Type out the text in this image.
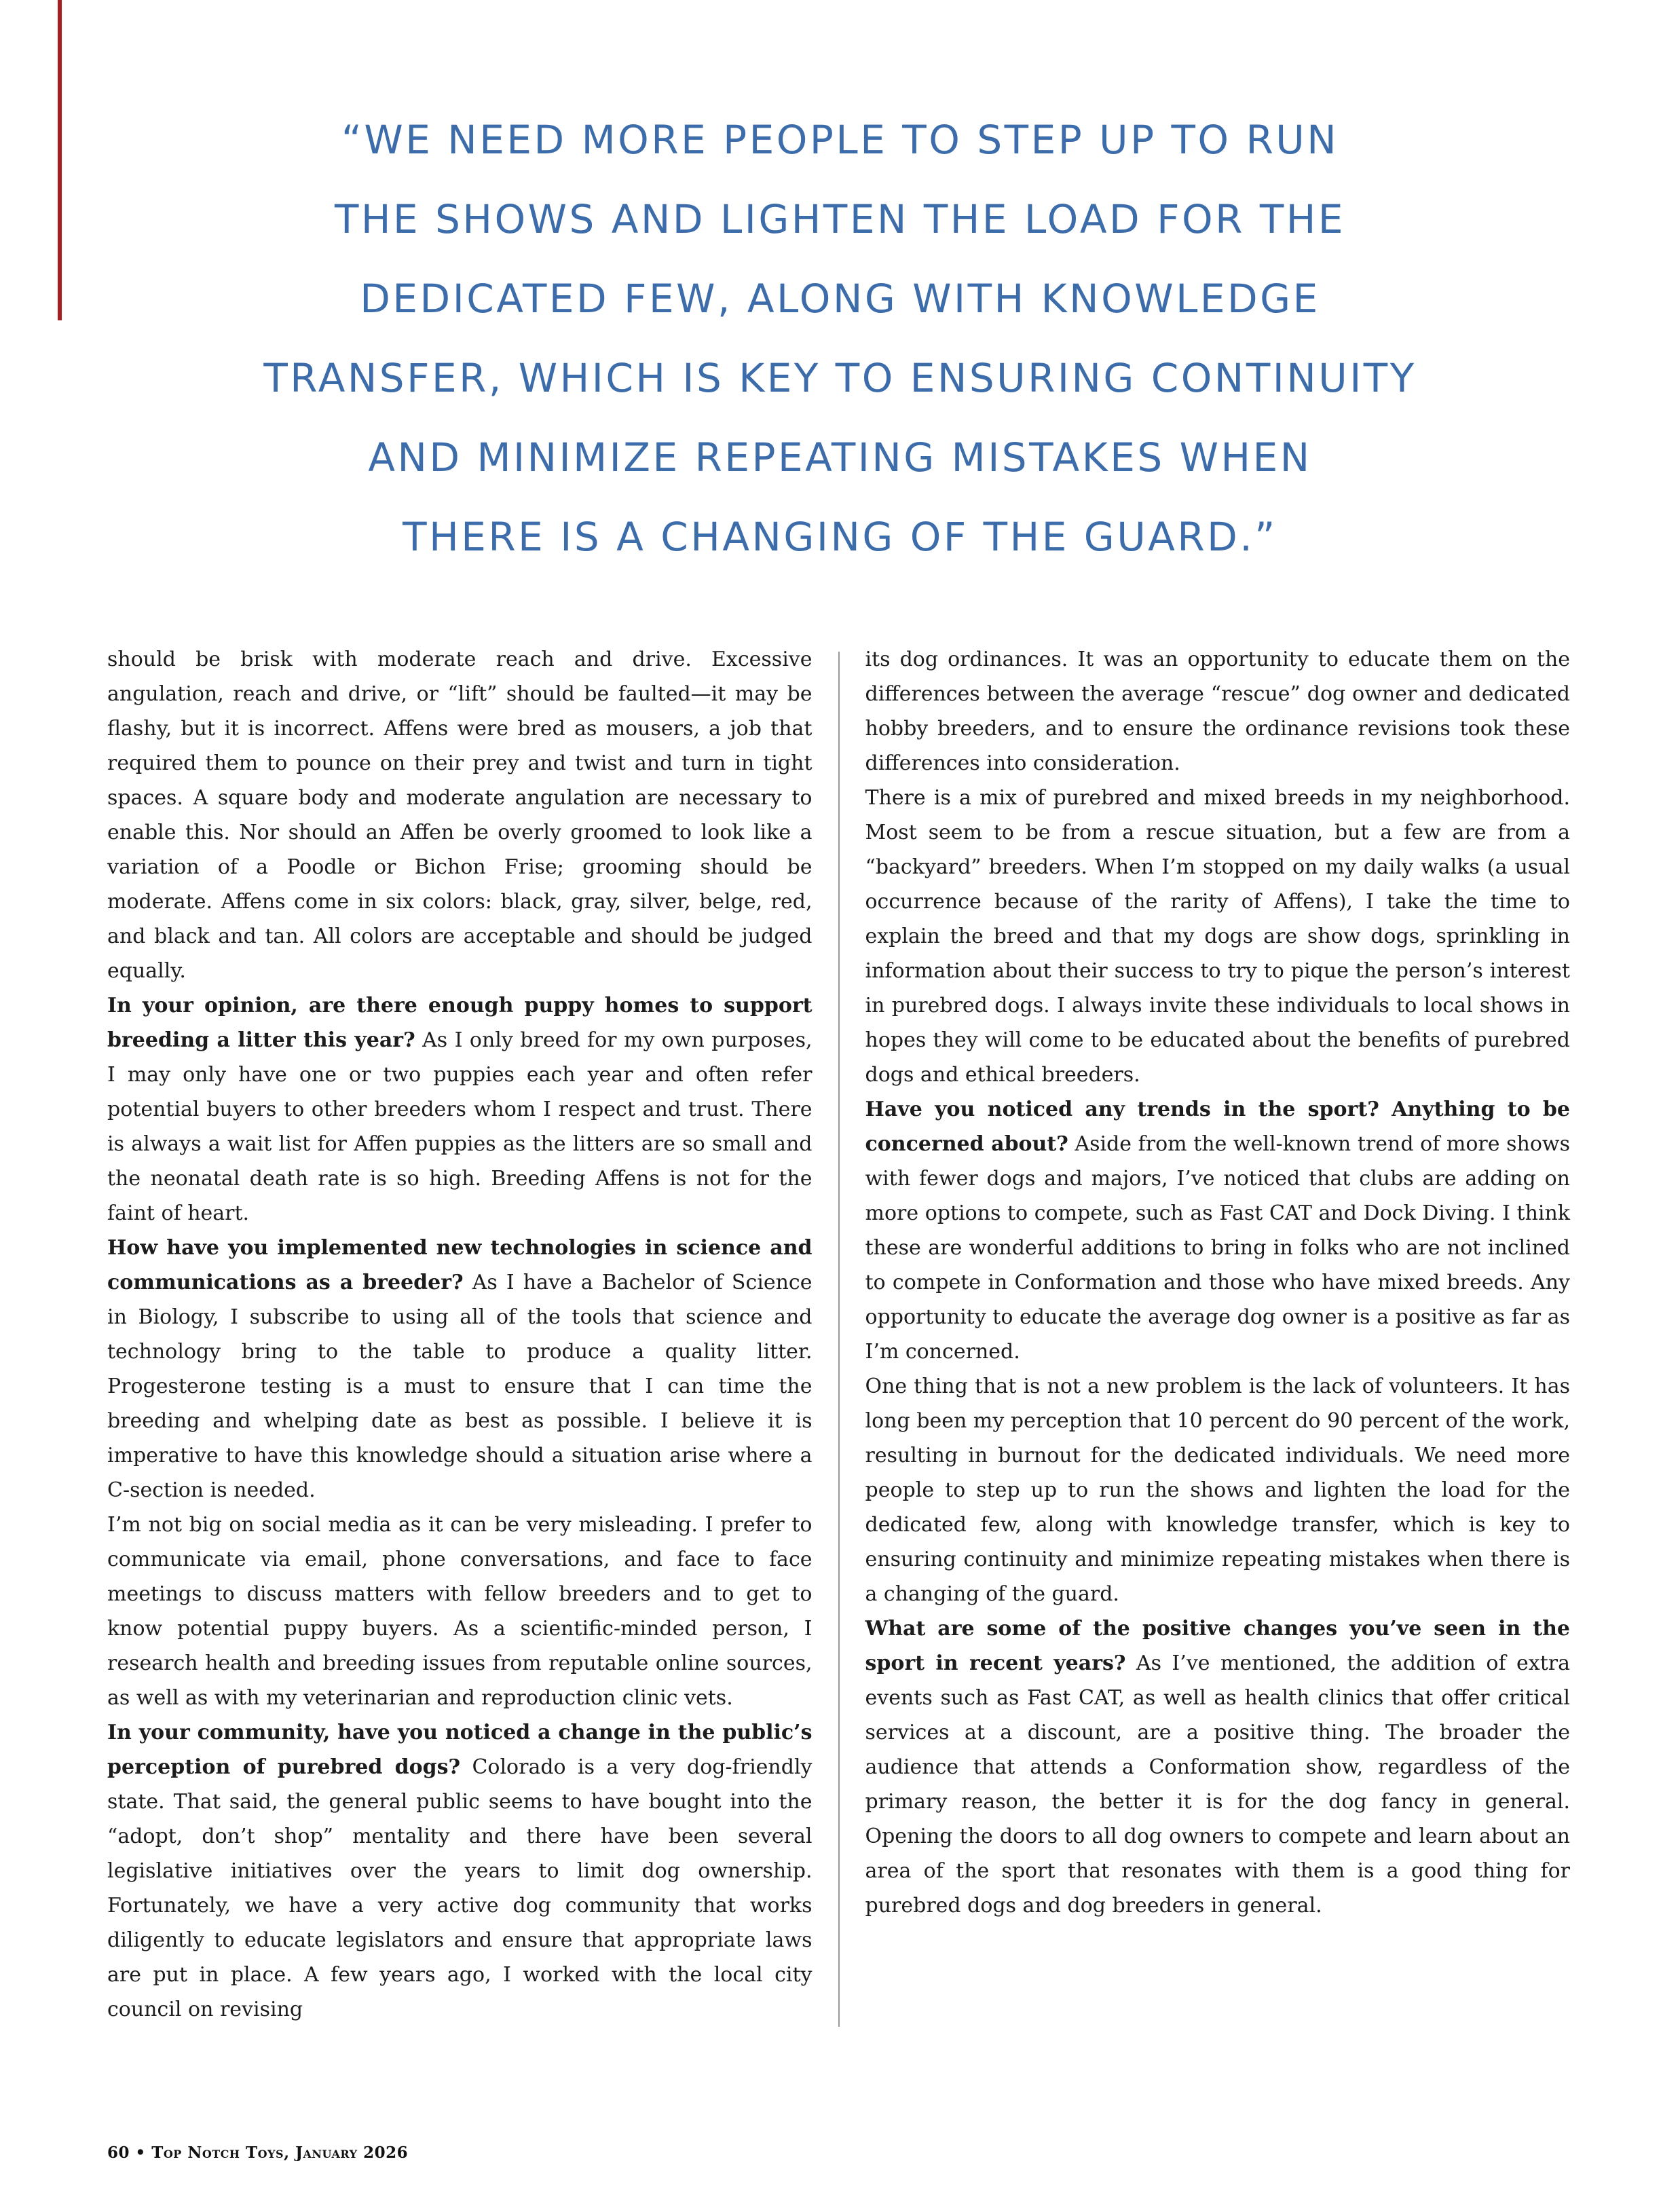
“WE NEED MORE PEOPLE TO STEP UP TO RUN
THE SHOWS AND LIGHTEN THE LOAD FOR THE
DEDICATED FEW, ALONG WITH KNOWLEDGE
TRANSFER, WHICH IS KEY TO ENSURING CONTINUITY
AND MINIMIZE REPEATING MISTAKES WHEN
THERE IS A CHANGING OF THE GUARD.”

should be brisk with moderate reach and drive. Excessive angulation, reach and drive, or “lift” should be faulted—it may be flashy, but it is incorrect. Affens were bred as mousers, a job that required them to pounce on their prey and twist and turn in tight spaces. A square body and moderate angulation are necessary to enable this. Nor should an Affen be overly groomed to look like a variation of a Poodle or Bichon Frise; grooming should be moderate. Affens come in six colors: black, gray, silver, belge, red, and black and tan. All colors are acceptable and should be judged equally.

In your opinion, are there enough puppy homes to support breeding a litter this year? As I only breed for my own purposes, I may only have one or two puppies each year and often refer potential buyers to other breeders whom I respect and trust. There is always a wait list for Affen puppies as the litters are so small and the neonatal death rate is so high. Breeding Affens is not for the faint of heart.

How have you implemented new technologies in science and communications as a breeder? As I have a Bachelor of Science in Biology, I subscribe to using all of the tools that science and technology bring to the table to produce a quality litter. Progesterone testing is a must to ensure that I can time the breeding and whelping date as best as possible. I believe it is imperative to have this knowledge should a situation arise where a C-section is needed.

I’m not big on social media as it can be very misleading. I prefer to communicate via email, phone conversations, and face to face meetings to discuss matters with fellow breeders and to get to know potential puppy buyers. As a scientific-minded person, I research health and breeding issues from reputable online sources, as well as with my veterinarian and reproduction clinic vets.

In your community, have you noticed a change in the public’s perception of purebred dogs? Colorado is a very dog-friendly state. That said, the general public seems to have bought into the “adopt, don’t shop” mentality and there have been several legislative initiatives over the years to limit dog ownership. Fortunately, we have a very active dog community that works diligently to educate legislators and ensure that appropriate laws are put in place. A few years ago, I worked with the local city council on revising

its dog ordinances. It was an opportunity to educate them on the differences between the average “rescue” dog owner and dedicated hobby breeders, and to ensure the ordinance revisions took these differences into consideration.

There is a mix of purebred and mixed breeds in my neighborhood. Most seem to be from a rescue situation, but a few are from a “backyard” breeders. When I’m stopped on my daily walks (a usual occurrence because of the rarity of Affens), I take the time to explain the breed and that my dogs are show dogs, sprinkling in information about their success to try to pique the person’s interest in purebred dogs. I always invite these individuals to local shows in hopes they will come to be educated about the benefits of purebred dogs and ethical breeders.

Have you noticed any trends in the sport? Anything to be concerned about? Aside from the well-known trend of more shows with fewer dogs and majors, I’ve noticed that clubs are adding on more options to compete, such as Fast CAT and Dock Diving. I think these are wonderful additions to bring in folks who are not inclined to compete in Conformation and those who have mixed breeds. Any opportunity to educate the average dog owner is a positive as far as I’m concerned.

One thing that is not a new problem is the lack of volunteers. It has long been my perception that 10 percent do 90 percent of the work, resulting in burnout for the dedicated individuals. We need more people to step up to run the shows and lighten the load for the dedicated few, along with knowledge transfer, which is key to ensuring continuity and minimize repeating mistakes when there is a changing of the guard.

What are some of the positive changes you’ve seen in the sport in recent years? As I’ve mentioned, the addition of extra events such as Fast CAT, as well as health clinics that offer critical services at a discount, are a positive thing. The broader the audience that attends a Conformation show, regardless of the primary reason, the better it is for the dog fancy in general. Opening the doors to all dog owners to compete and learn about an area of the sport that resonates with them is a good thing for purebred dogs and dog breeders in general.

60 • Top Notch Toys, January 2026
